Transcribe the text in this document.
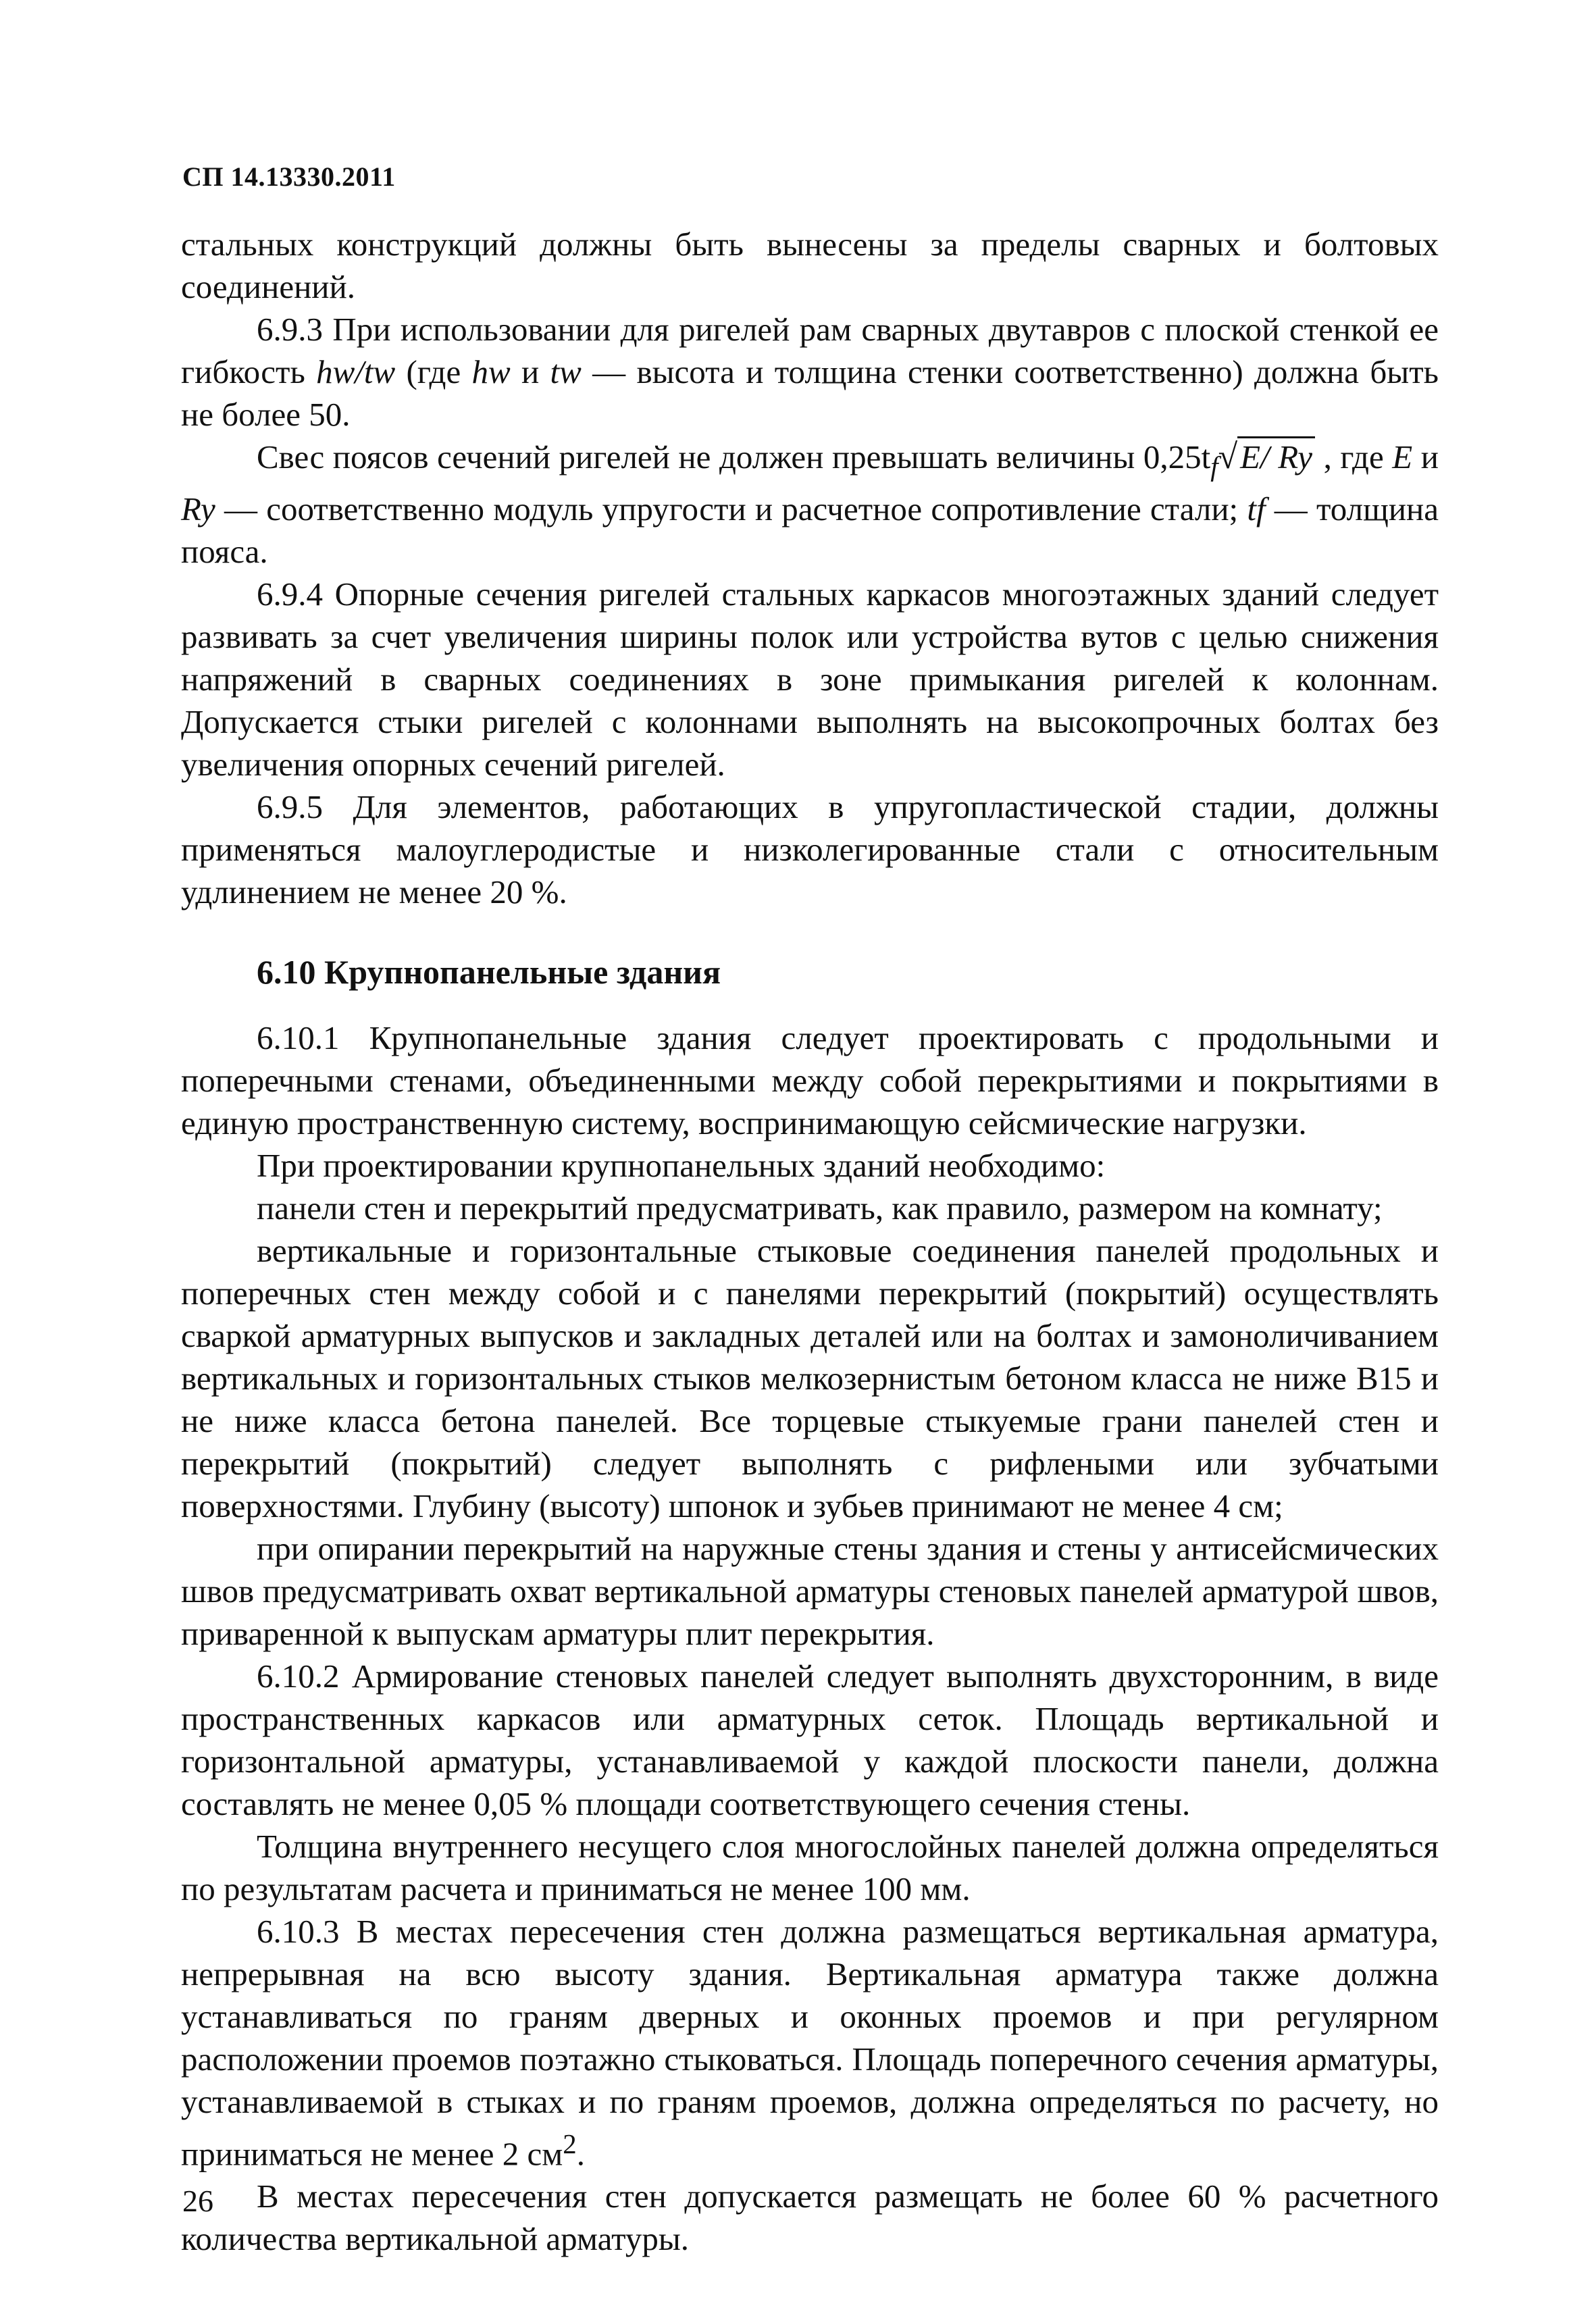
СП 14.13330.2011

стальных конструкций должны быть вынесены за пределы сварных и болтовых соединений.

6.9.3 При использовании для ригелей рам сварных двутавров с плоской стенкой ее гибкость hw/tw (где hw и tw — высота и толщина стенки соответственно) должна быть не более 50.

Свес поясов сечений ригелей не должен превышать величины $0,25t_f√E/$ Ry , где E и Ry — соответственно модуль упругости и расчетное сопротивление стали; tf — толщина пояса.

6.9.4 Опорные сечения ригелей стальных каркасов многоэтажных зданий следует развивать за счет увеличения ширины полок или устройства вутов с целью снижения напряжений в сварных соединениях в зоне примыкания ригелей к колоннам. Допускается стыки ригелей с колоннами выполнять на высокопрочных болтах без увеличения опорных сечений ригелей.

6.9.5 Для элементов, работающих в упругопластической стадии, должны применяться малоуглеродистые и низколегированные стали с относительным удлинением не менее 20 %.

6.10 Крупнопанельные здания

6.10.1 Крупнопанельные здания следует проектировать с продольными и поперечными стенами, объединенными между собой перекрытиями и покрытиями в единую пространственную систему, воспринимающую сейсмические нагрузки.

При проектировании крупнопанельных зданий необходимо:

панели стен и перекрытий предусматривать, как правило, размером на комнату;

вертикальные и горизонтальные стыковые соединения панелей продольных и поперечных стен между собой и с панелями перекрытий (покрытий) осуществлять сваркой арматурных выпусков и закладных деталей или на болтах и замоноличиванием вертикальных и горизонтальных стыков мелкозернистым бетоном класса не ниже В15 и не ниже класса бетона панелей. Все торцевые стыкуемые грани панелей стен и перекрытий (покрытий) следует выполнять с рифлеными или зубчатыми поверхностями. Глубину (высоту) шпонок и зубьев принимают не менее 4 см;

при опирании перекрытий на наружные стены здания и стены у антисейсмических швов предусматривать охват вертикальной арматуры стеновых панелей арматурой швов, приваренной к выпускам арматуры плит перекрытия.

6.10.2 Армирование стеновых панелей следует выполнять двухсторонним, в виде пространственных каркасов или арматурных сеток. Площадь вертикальной и горизонтальной арматуры, устанавливаемой у каждой плоскости панели, должна составлять не менее 0,05 % площади соответствующего сечения стены.

Толщина внутреннего несущего слоя многослойных панелей должна определяться по результатам расчета и приниматься не менее 100 мм.

6.10.3 В местах пересечения стен должна размещаться вертикальная арматура, непрерывная на всю высоту здания. Вертикальная арматура также должна устанавливаться по граням дверных и оконных проемов и при регулярном расположении проемов поэтажно стыковаться. Площадь поперечного сечения арматуры, устанавливаемой в стыках и по граням проемов, должна определяться по расчету, но приниматься не менее 2 $см^2$.

В местах пересечения стен допускается размещать не более 60 % расчетного количества вертикальной арматуры.

26
